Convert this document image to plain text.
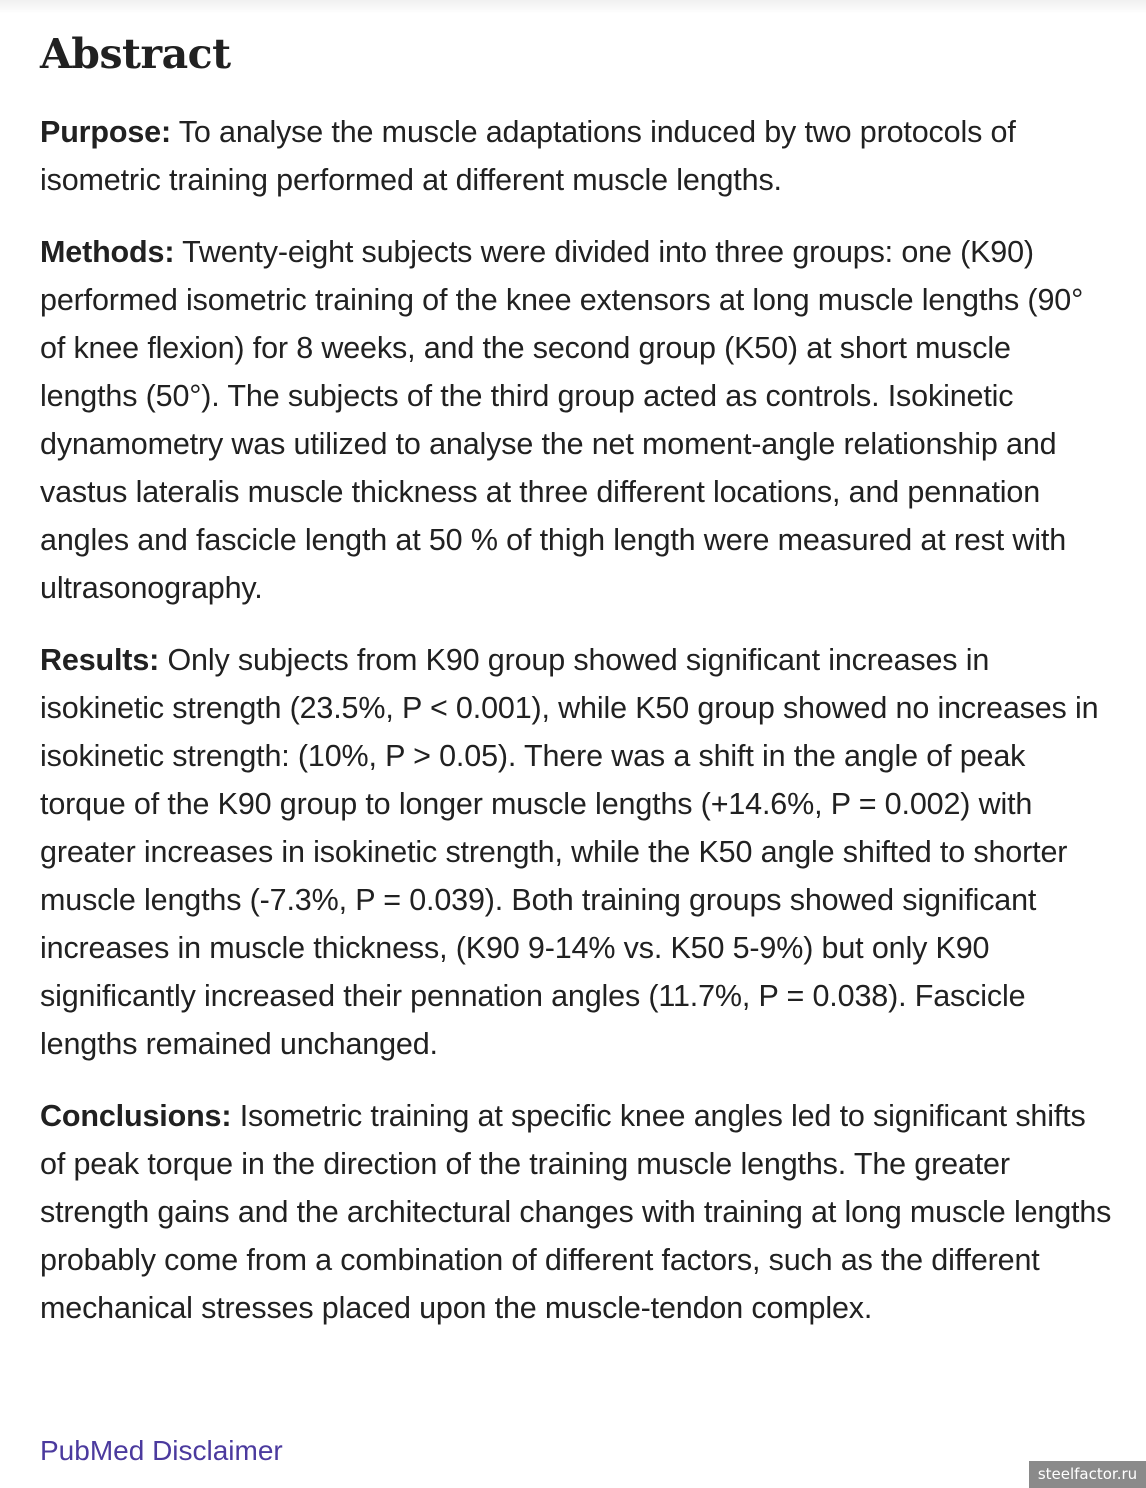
Abstract

Purpose: To analyse the muscle adaptations induced by two protocols of isometric training performed at different muscle lengths.

Methods: Twenty-eight subjects were divided into three groups: one (K90) performed isometric training of the knee extensors at long muscle lengths (90° of knee flexion) for 8 weeks, and the second group (K50) at short muscle lengths (50°). The subjects of the third group acted as controls. Isokinetic dynamometry was utilized to analyse the net moment-angle relationship and vastus lateralis muscle thickness at three different locations, and pennation angles and fascicle length at 50 % of thigh length were measured at rest with ultrasonography.

Results: Only subjects from K90 group showed significant increases in isokinetic strength (23.5%, P < 0.001), while K50 group showed no increases in isokinetic strength: (10%, P > 0.05). There was a shift in the angle of peak torque of the K90 group to longer muscle lengths (+14.6%, P = 0.002) with greater increases in isokinetic strength, while the K50 angle shifted to shorter muscle lengths (-7.3%, P = 0.039). Both training groups showed significant increases in muscle thickness, (K90 9-14% vs. K50 5-9%) but only K90 significantly increased their pennation angles (11.7%, P = 0.038). Fascicle lengths remained unchanged.

Conclusions: Isometric training at specific knee angles led to significant shifts of peak torque in the direction of the training muscle lengths. The greater strength gains and the architectural changes with training at long muscle lengths probably come from a combination of different factors, such as the different mechanical stresses placed upon the muscle-tendon complex.

PubMed Disclaimer
steelfactor.ru
